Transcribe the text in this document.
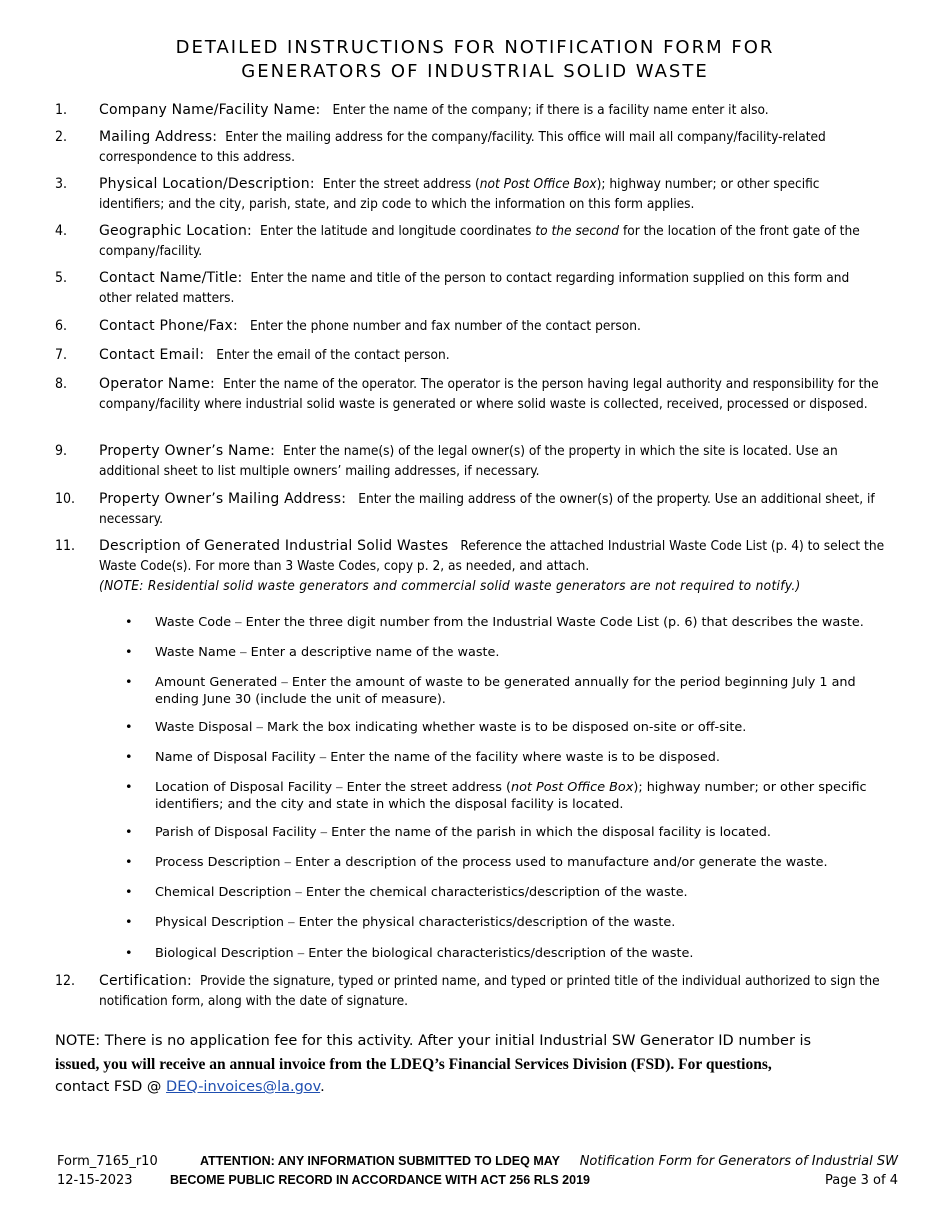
DETAILED INSTRUCTIONS FOR NOTIFICATION FORM FOR
GENERATORS OF INDUSTRIAL SOLID WASTE
1.	Company Name/Facility Name: Enter the name of the company; if there is a facility name enter it also.
2.	Mailing Address: Enter the mailing address for the company/facility. This office will mail all company/facility-related correspondence to this address.
3.	Physical Location/Description: Enter the street address (not Post Office Box); highway number; or other specific identifiers; and the city, parish, state, and zip code to which the information on this form applies.
4.	Geographic Location: Enter the latitude and longitude coordinates to the second for the location of the front gate of the company/facility.
5.	Contact Name/Title: Enter the name and title of the person to contact regarding information supplied on this form and other related matters.
6.	Contact Phone/Fax: Enter the phone number and fax number of the contact person.
7.	Contact Email: Enter the email of the contact person.
8.	Operator Name: Enter the name of the operator. The operator is the person having legal authority and responsibility for the company/facility where industrial solid waste is generated or where solid waste is collected, received, processed or disposed.
9.	Property Owner’s Name: Enter the name(s) of the legal owner(s) of the property in which the site is located. Use an additional sheet to list multiple owners’ mailing addresses, if necessary.
10.	Property Owner’s Mailing Address: Enter the mailing address of the owner(s) of the property. Use an additional sheet, if necessary.
11.	Description of Generated Industrial Solid Wastes Reference the attached Industrial Waste Code List (p. 4) to select the Waste Code(s). For more than 3 Waste Codes, copy p. 2, as needed, and attach.
(NOTE: Residential solid waste generators and commercial solid waste generators are not required to notify.)
• Waste Code – Enter the three digit number from the Industrial Waste Code List (p. 6) that describes the waste.
• Waste Name – Enter a descriptive name of the waste.
• Amount Generated – Enter the amount of waste to be generated annually for the period beginning July 1 and ending June 30 (include the unit of measure).
• Waste Disposal – Mark the box indicating whether waste is to be disposed on-site or off-site.
• Name of Disposal Facility – Enter the name of the facility where waste is to be disposed.
• Location of Disposal Facility – Enter the street address (not Post Office Box); highway number; or other specific identifiers; and the city and state in which the disposal facility is located.
• Parish of Disposal Facility – Enter the name of the parish in which the disposal facility is located.
• Process Description – Enter a description of the process used to manufacture and/or generate the waste.
• Chemical Description – Enter the chemical characteristics/description of the waste.
• Physical Description – Enter the physical characteristics/description of the waste.
• Biological Description – Enter the biological characteristics/description of the waste.
12.	Certification: Provide the signature, typed or printed name, and typed or printed title of the individual authorized to sign the notification form, along with the date of signature.
NOTE: There is no application fee for this activity. After your initial Industrial SW Generator ID number is
issued, you will receive an annual invoice from the LDEQ’s Financial Services Division (FSD). For questions,
contact FSD @ DEQ-invoices@la.gov.
Form_7165_r10
12-15-2023
ATTENTION: ANY INFORMATION SUBMITTED TO LDEQ MAY
BECOME PUBLIC RECORD IN ACCORDANCE WITH ACT 256 RLS 2019
Notification Form for Generators of Industrial SW
Page 3 of 4
